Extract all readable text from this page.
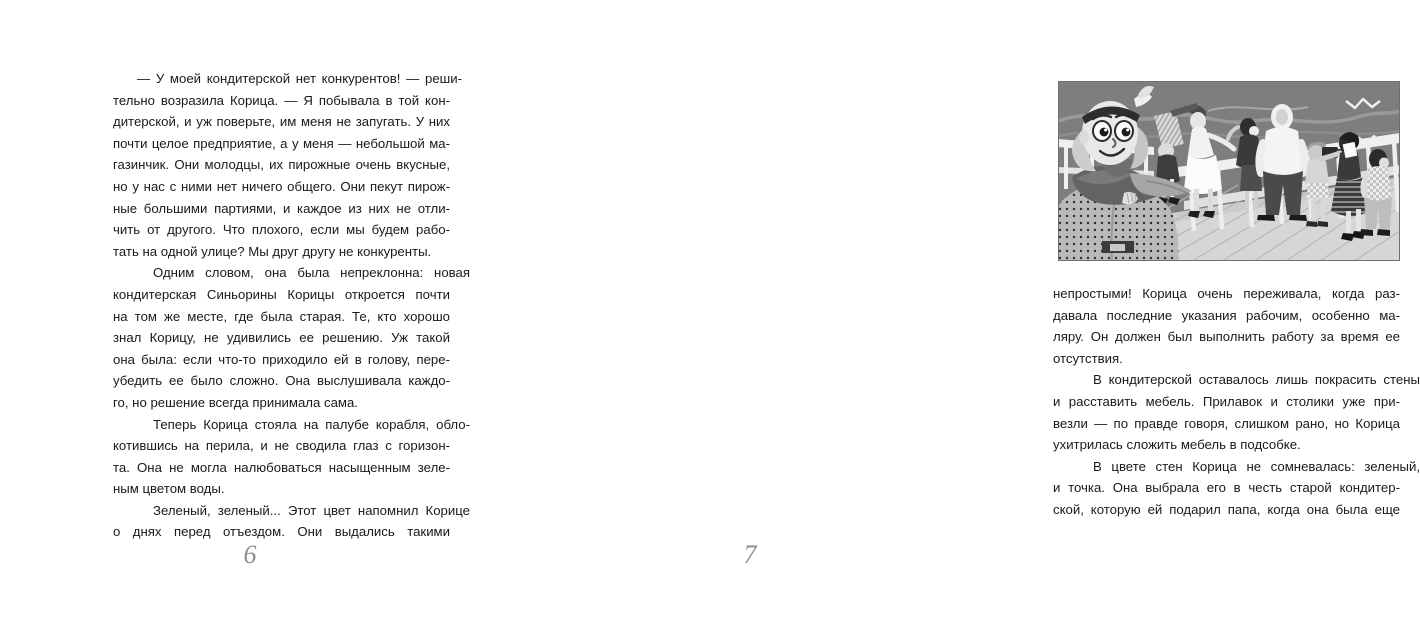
— У моей кондитерской нет конкурентов! — реши-
тельно возразила Корица. — Я побывала в той кон-
дитерской, и уж поверьте, им меня не запугать. У них
почти целое предприятие, а у меня — небольшой ма-
газинчик. Они молодцы, их пирожные очень вкусные,
но у нас с ними нет ничего общего. Они пекут пирож-
ные большими партиями, и каждое из них не отли-
чить от другого. Что плохого, если мы будем рабо-
тать на одной улице? Мы друг другу не конкуренты.
Одним словом, она была непреклонна: новая
кондитерская Синьорины Корицы откроется почти
на том же месте, где была старая. Те, кто хорошо
знал Корицу, не удивились ее решению. Уж такой
она была: если что-то приходило ей в голову, пере-
убедить ее было сложно. Она выслушивала каждо-
го, но решение всегда принимала сама.
Теперь Корица стояла на палубе корабля, обло-
котившись на перила, и не сводила глаз с горизон-
та. Она не могла налюбоваться насыщенным зеле-
ным цветом воды.
Зеленый, зеленый... Этот цвет напомнил Корице
о днях перед отъездом. Они выдались такими
6
непростыми! Корица очень переживала, когда раз-
давала последние указания рабочим, особенно ма-
ляру. Он должен был выполнить работу за время ее
отсутствия.
В кондитерской оставалось лишь покрасить стены
и расставить мебель. Прилавок и столики уже при-
везли — по правде говоря, слишком рано, но Корица
ухитрилась сложить мебель в подсобке.
В цвете стен Корица не сомневалась: зеленый,
и точка. Она выбрала его в честь старой кондитер-
ской, которую ей подарил папа, когда она была еще
7
